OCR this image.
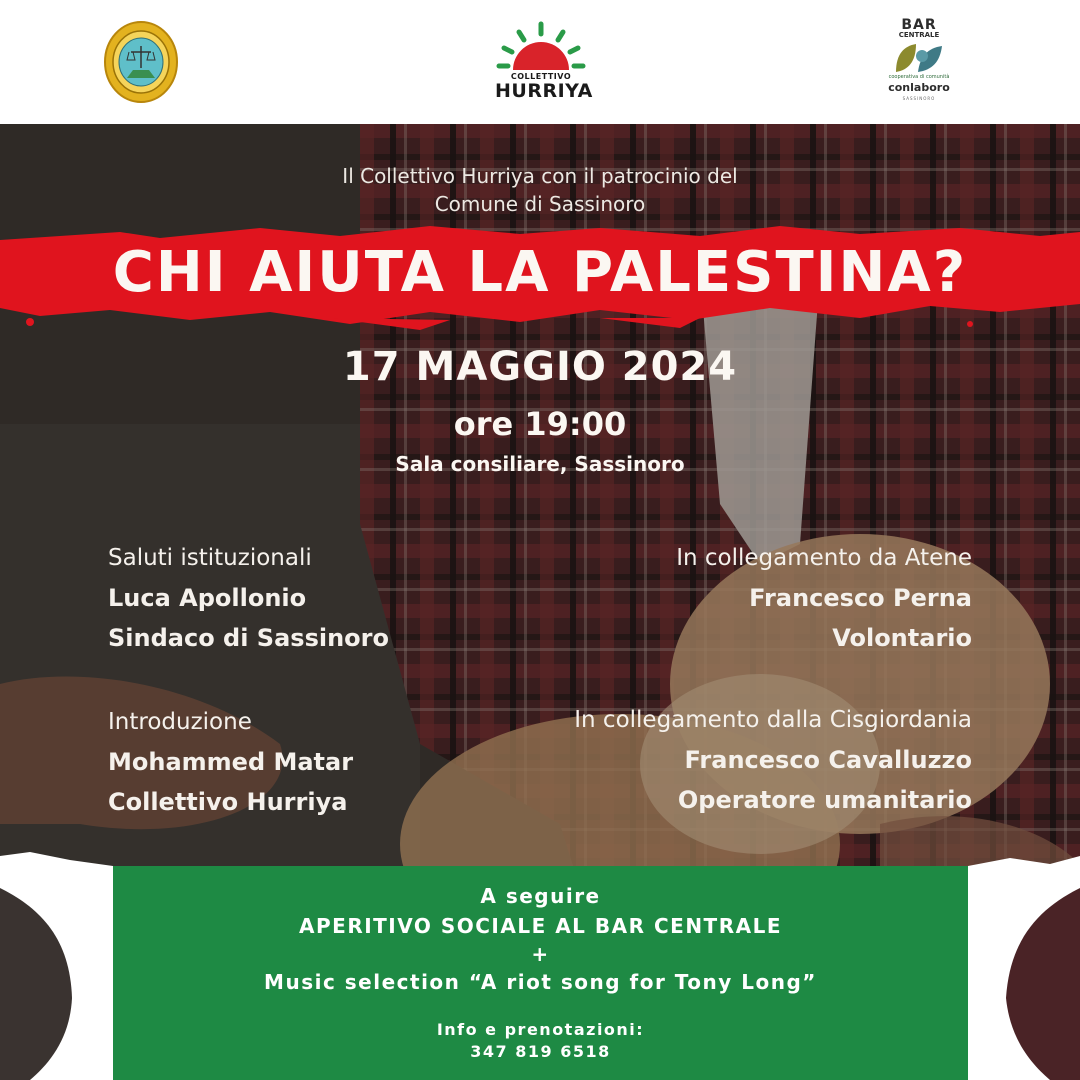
COLLETTIVO
HURRIYA
BAR
CENTRALE
cooperativa di comunità
conlaboro
SASSINORO
Il Collettivo Hurriya con il patrocinio del
Comune di Sassinoro
CHI AIUTA LA PALESTINA?
17 MAGGIO 2024
ore 19:00
Sala consiliare, Sassinoro
Saluti istituzionali
Luca Apollonio
Sindaco di Sassinoro
In collegamento da Atene
Francesco Perna
Volontario
Introduzione
Mohammed Matar
Collettivo Hurriya
In collegamento dalla Cisgiordania
Francesco Cavalluzzo
Operatore umanitario
A seguire
APERITIVO SOCIALE AL BAR CENTRALE
+
Music selection “A riot song for Tony Long”
Info e prenotazioni:
347 819 6518
